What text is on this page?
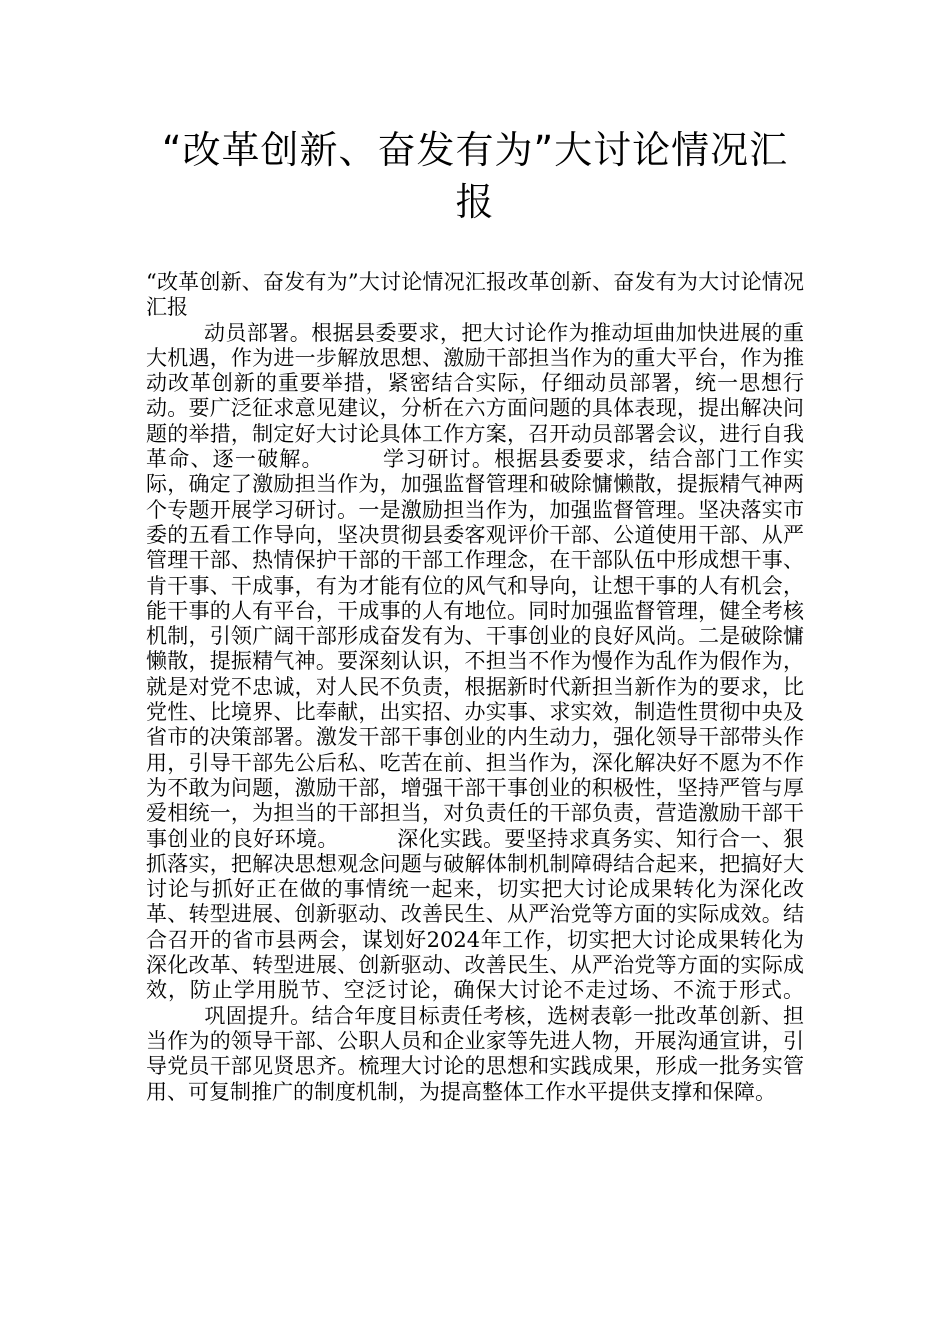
“改革创新、奋发有为”大讨论情况汇报

“改革创新、奋发有为”大讨论情况汇报改革创新、奋发有为大讨论情况汇报

动员部署。根据县委要求，把大讨论作为推动垣曲加快进展的重大机遇，作为进一步解放思想、激励干部担当作为的重大平台，作为推动改革创新的重要举措，紧密结合实际，仔细动员部署，统一思想行动。要广泛征求意见建议，分析在六方面问题的具体表现，提出解决问题的举措，制定好大讨论具体工作方案，召开动员部署会议，进行自我革命、逐一破解。	学习研讨。根据县委要求，结合部门工作实际，确定了激励担当作为，加强监督管理和破除慵懒散，提振精气神两个专题开展学习研讨。一是激励担当作为，加强监督管理。坚决落实市委的五看工作导向，坚决贯彻县委客观评价干部、公道使用干部、从严管理干部、热情保护干部的干部工作理念，在干部队伍中形成想干事、肯干事、干成事，有为才能有位的风气和导向，让想干事的人有机会，能干事的人有平台，干成事的人有地位。同时加强监督管理，健全考核机制，引领广阔干部形成奋发有为、干事创业的良好风尚。二是破除慵懒散，提振精气神。要深刻认识，不担当不作为慢作为乱作为假作为，就是对党不忠诚，对人民不负责，根据新时代新担当新作为的要求，比党性、比境界、比奉献，出实招、办实事、求实效，制造性贯彻中央及省市的决策部署。激发干部干事创业的内生动力，强化领导干部带头作用，引导干部先公后私、吃苦在前、担当作为，深化解决好不愿为不作为不敢为问题，激励干部，增强干部干事创业的积极性，坚持严管与厚爱相统一，为担当的干部担当，对负责任的干部负责，营造激励干部干事创业的良好环境。	深化实践。要坚持求真务实、知行合一、狠抓落实，把解决思想观念问题与破解体制机制障碍结合起来，把搞好大讨论与抓好正在做的事情统一起来，切实把大讨论成果转化为深化改革、转型进展、创新驱动、改善民生、从严治党等方面的实际成效。结合召开的省市县两会，谋划好2024年工作，切实把大讨论成果转化为深化改革、转型进展、创新驱动、改善民生、从严治党等方面的实际成效，防止学用脱节、空泛讨论，确保大讨论不走过场、不流于形式。巩固提升。结合年度目标责任考核，选树表彰一批改革创新、担当作为的领导干部、公职人员和企业家等先进人物，开展沟通宣讲，引导党员干部见贤思齐。梳理大讨论的思想和实践成果，形成一批务实管用、可复制推广的制度机制，为提高整体工作水平提供支撑和保障。
